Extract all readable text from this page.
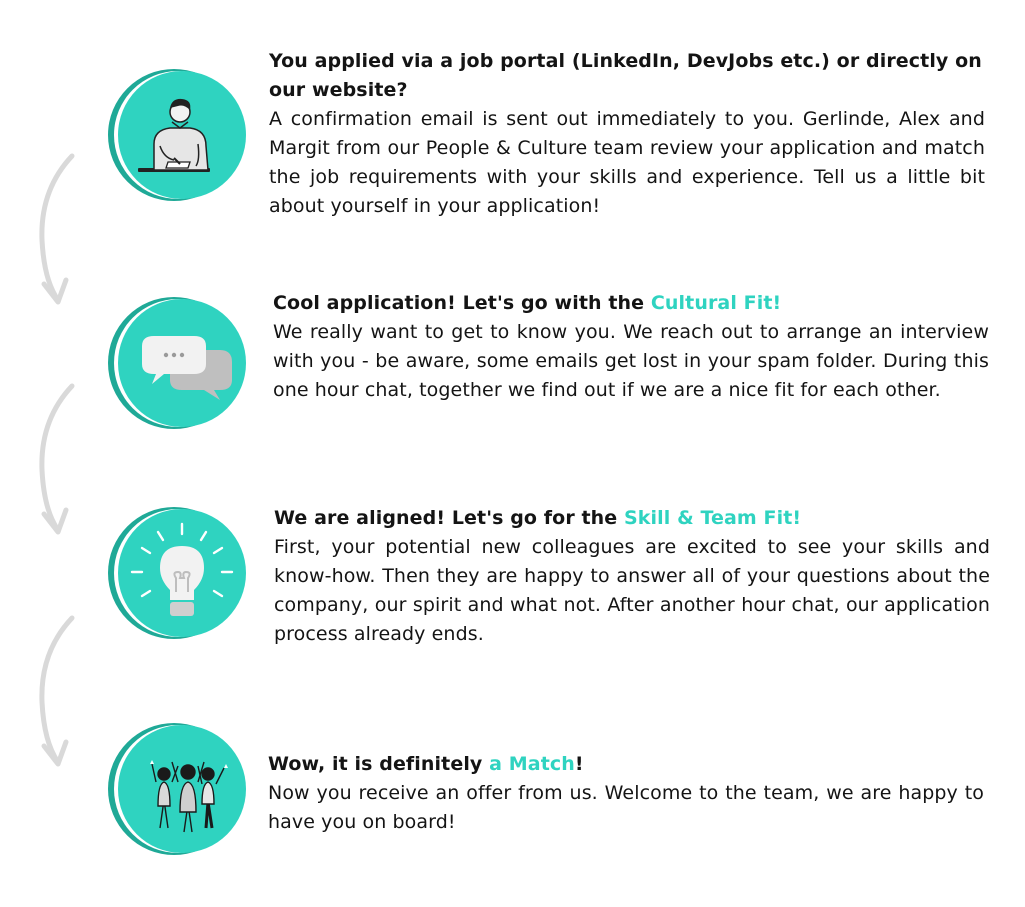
You applied via a job portal (LinkedIn, DevJobs etc.) or directly on our website?
A confirmation email is sent out immediately to you. Gerlinde, Alex and Margit from our People & Culture team review your application and match the job requirements with your skills and experience. Tell us a little bit about yourself in your application!
Cool application! Let's go with the Cultural Fit!
We really want to get to know you. We reach out to arrange an interview with you - be aware, some emails get lost in your spam folder. During this one hour chat, together we find out if we are a nice fit for each other.
We are aligned! Let's go for the Skill & Team Fit!
First, your potential new colleagues are excited to see your skills and know-how. Then they are happy to answer all of your questions about the company, our spirit and what not. After another hour chat, our application process already ends.
Wow, it is definitely a Match!
Now you receive an offer from us. Welcome to the team, we are happy to have you on board!
